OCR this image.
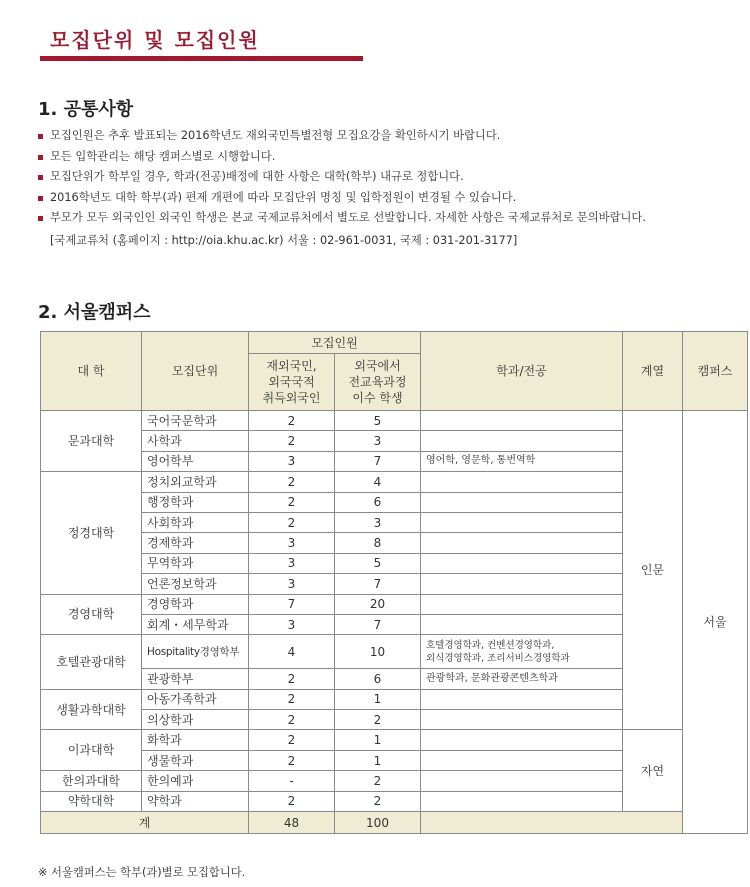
모집단위 및 모집인원
1. 공통사항
모집인원은 추후 발표되는 2016학년도 재외국민특별전형 모집요강을 확인하시기 바랍니다.
모든 입학관리는 해당 캠퍼스별로 시행합니다.
모집단위가 학부일 경우, 학과(전공)배정에 대한 사항은 대학(학부) 내규로 정합니다.
2016학년도 대학 학부(과) 편제 개편에 따라 모집단위 명칭 및 입학정원이 변경될 수 있습니다.
부모가 모두 외국인인 외국인 학생은 본교 국제교류처에서 별도로 선발합니다. 자세한 사항은 국제교류처로 문의바랍니다.
[국제교류처 (홈페이지 : http://oia.khu.ac.kr) 서울 : 02-961-0031, 국제 : 031-201-3177]
2. 서울캠퍼스
대 학	모집단위	모집인원		학과/전공	계열	캠퍼스
		재외국민,
외국국적
취득외국인	외국에서
전교육과정
이수 학생			
문과대학	국어국문학과	2	5		인문	서울
	사학과	2	3			
	영어학부	3	7	영어학, 영문학, 통번역학		
정경대학	정치외교학과	2	4			
	행정학과	2	6			
	사회학과	2	3			
	경제학과	3	8			
	무역학과	3	5			
	언론정보학과	3	7			
경영대학	경영학과	7	20			
	회계・세무학과	3	7			
호텔관광대학	Hospitality경영학부	4	10	호텔경영학과, 컨벤션경영학과,
외식경영학과, 조리서비스경영학과		
	관광학부	2	6	관광학과, 문화관광콘텐츠학과		
생활과학대학	아동가족학과	2	1			
	의상학과	2	2			
이과대학	화학과	2	1		자연	
	생물학과	2	1			
한의과대학	한의예과	-	2			
약학대학	약학과	2	2			
계		48	100			
※ 서울캠퍼스는 학부(과)별로 모집합니다.
